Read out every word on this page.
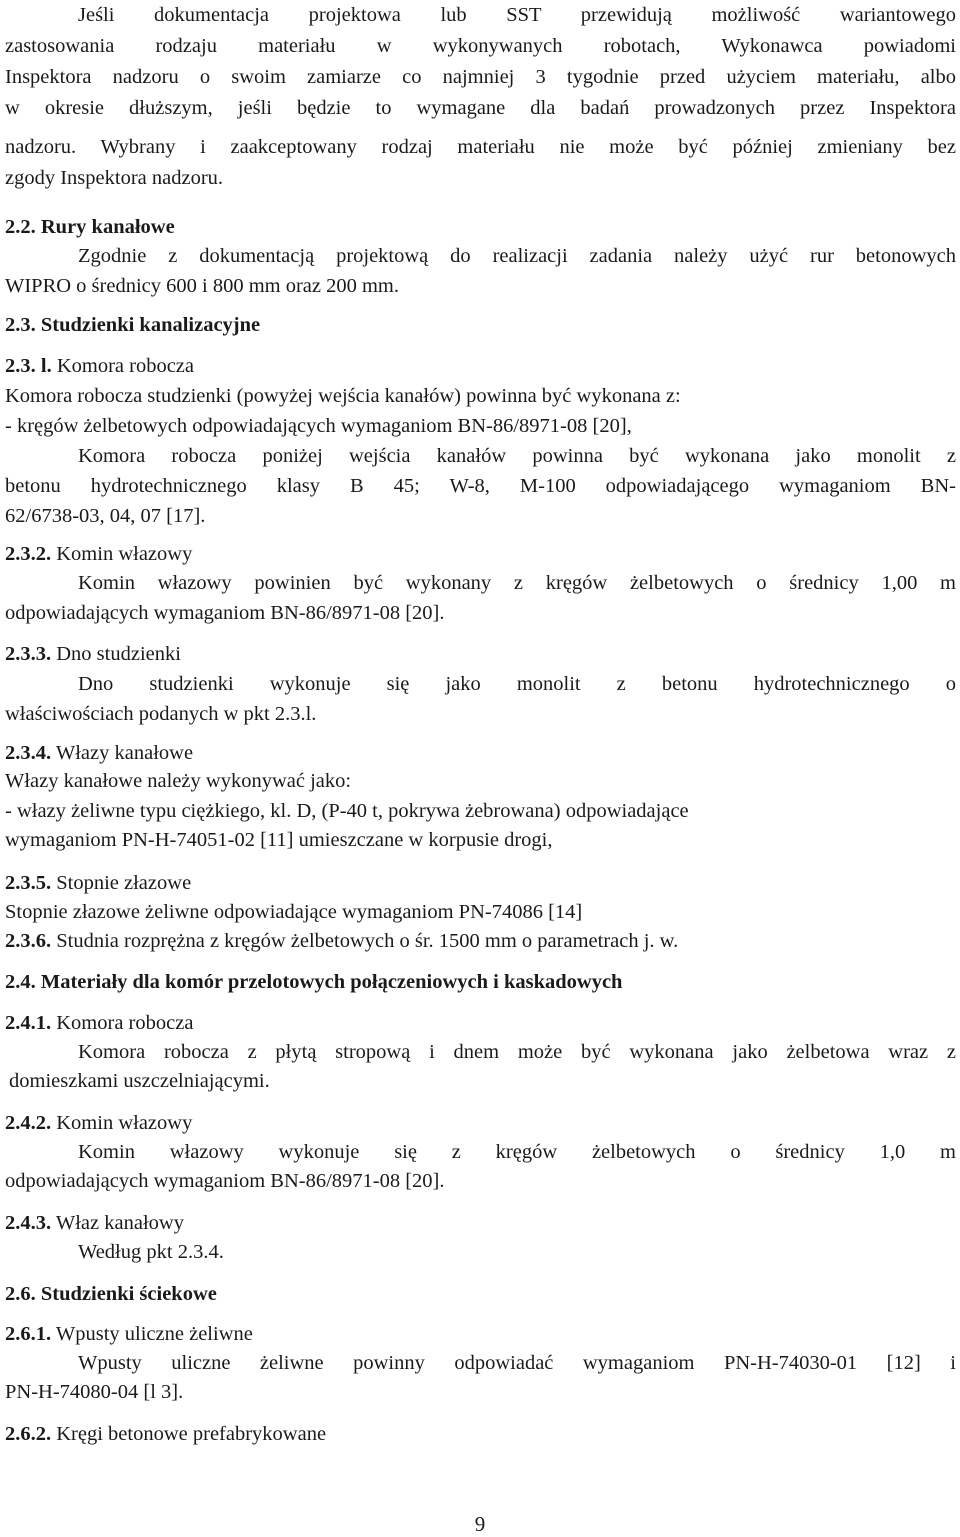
Jeśli dokumentacja projektowa lub SST przewidują możliwość wariantowego
zastosowania rodzaju materiału w wykonywanych robotach, Wykonawca powiadomi
Inspektora nadzoru o swoim zamiarze co najmniej 3 tygodnie przed użyciem materiału, albo
w okresie dłuższym, jeśli będzie to wymagane dla badań prowadzonych przez Inspektora
nadzoru. Wybrany i zaakceptowany rodzaj materiału nie może być później zmieniany bez
zgody Inspektora nadzoru.
2.2. Rury kanałowe
Zgodnie z dokumentacją projektową do realizacji zadania należy użyć rur betonowych
WIPRO o średnicy 600 i 800 mm oraz 200 mm.
2.3. Studzienki kanalizacyjne
2.3. l. Komora robocza
Komora robocza studzienki (powyżej wejścia kanałów) powinna być wykonana z:
- kręgów żelbetowych odpowiadających wymaganiom BN-86/8971-08 [20],
Komora robocza poniżej wejścia kanałów powinna być wykonana jako monolit z
betonu hydrotechnicznego klasy B 45; W-8, M-100 odpowiadającego wymaganiom BN-
62/6738-03, 04, 07 [17].
2.3.2. Komin włazowy
Komin włazowy powinien być wykonany z kręgów żelbetowych o średnicy 1,00 m
odpowiadających wymaganiom BN-86/8971-08 [20].
2.3.3. Dno studzienki
Dno studzienki wykonuje się jako monolit z betonu hydrotechnicznego o
właściwościach podanych w pkt 2.3.l.
2.3.4. Włazy kanałowe
Włazy kanałowe należy wykonywać jako:
- włazy żeliwne typu ciężkiego, kl. D, (P-40 t, pokrywa żebrowana) odpowiadające
wymaganiom PN-H-74051-02 [11] umieszczane w korpusie drogi,
2.3.5. Stopnie złazowe
Stopnie złazowe żeliwne odpowiadające wymaganiom PN-74086 [14]
2.3.6. Studnia rozprężna z kręgów żelbetowych o śr. 1500 mm o parametrach j. w.
2.4. Materiały dla komór przelotowych połączeniowych i kaskadowych
2.4.1. Komora robocza
Komora robocza z płytą stropową i dnem może być wykonana jako żelbetowa wraz z
domieszkami uszczelniającymi.
2.4.2. Komin włazowy
Komin włazowy wykonuje się z kręgów żelbetowych o średnicy 1,0 m
odpowiadających wymaganiom BN-86/8971-08 [20].
2.4.3. Właz kanałowy
Według pkt 2.3.4.
2.6. Studzienki ściekowe
2.6.1. Wpusty uliczne żeliwne
Wpusty uliczne żeliwne powinny odpowiadać wymaganiom PN-H-74030-01 [12] i
PN-H-74080-04 [l 3].
2.6.2. Kręgi betonowe prefabrykowane
9
